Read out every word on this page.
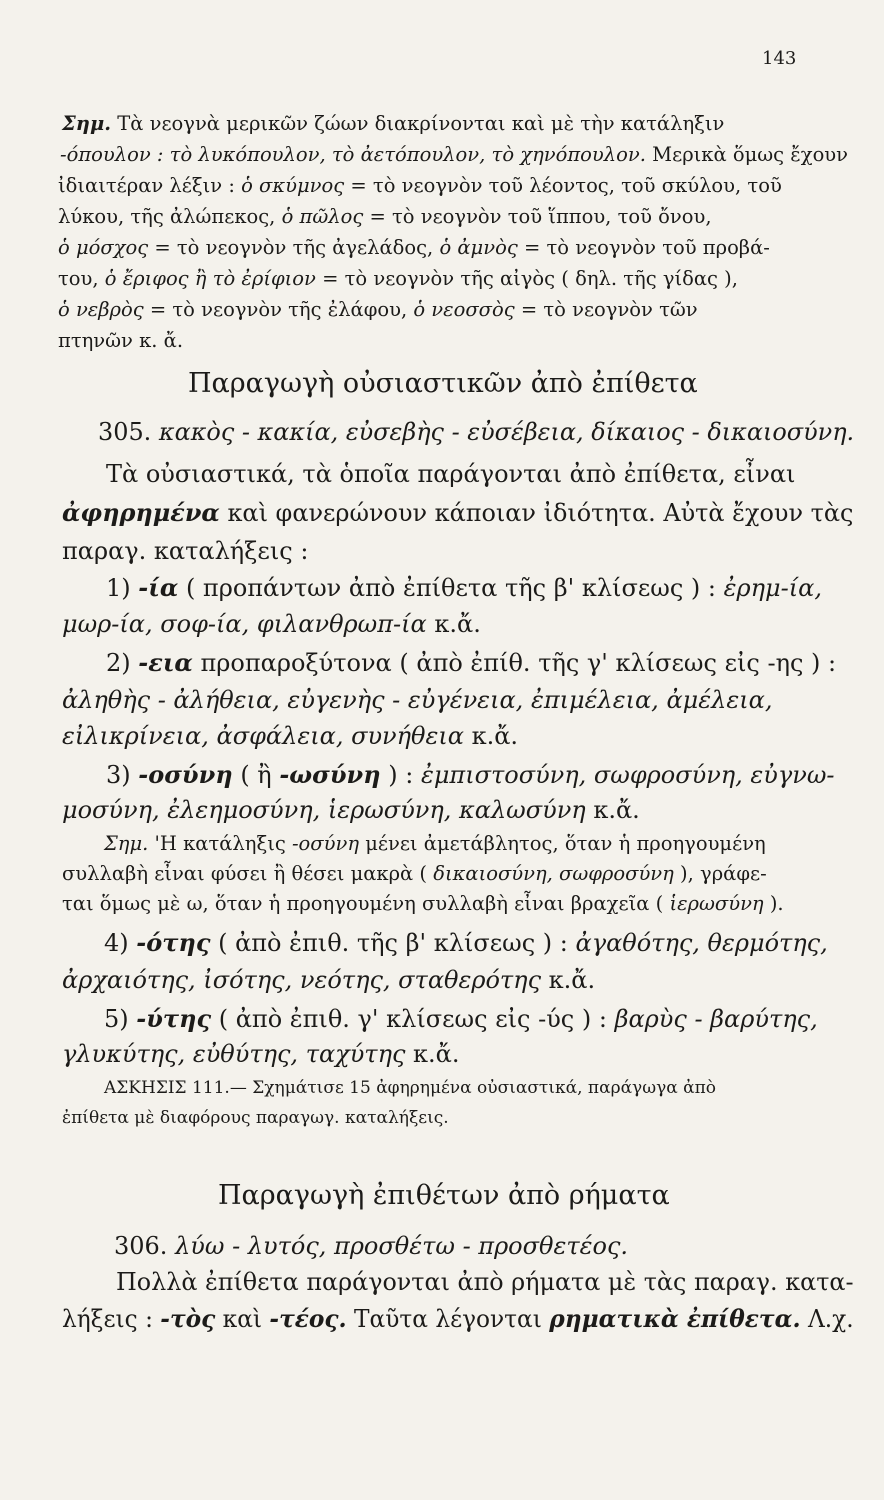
143

Σημ. Τὰ νεογνὰ μερικῶν ζώων διακρίνονται καὶ μὲ τὴν κατάληξιν

-όπουλον : τὸ λυκόπουλον, τὸ ἀετόπουλον, τὸ χηνόπουλον. Μερικὰ ὅμως ἔχουν

ἰδιαιτέραν λέξιν : ὁ σκύμνος = τὸ νεογνὸν τοῦ λέοντος, τοῦ σκύλου, τοῦ

λύκου, τῆς ἀλώπεκος, ὁ πῶλος = τὸ νεογνὸν τοῦ ἵππου, τοῦ ὄνου,

ὁ μόσχος = τὸ νεογνὸν τῆς ἀγελάδος, ὁ ἀμνὸς = τὸ νεογνὸν τοῦ προβά-

του, ὁ ἔριφος ἢ τὸ ἐρίφιον = τὸ νεογνὸν τῆς αἰγὸς ( δηλ. τῆς γίδας ),

ὁ νεβρὸς = τὸ νεογνὸν τῆς ἐλάφου, ὁ νεοσσὸς = τὸ νεογνὸν τῶν

πτηνῶν κ. ἄ.

Παραγωγὴ οὐσιαστικῶν ἀπὸ ἐπίθετα

305. κακὸς - κακία, εὐσεβὴς - εὐσέβεια, δίκαιος - δικαιοσύνη.

Τὰ οὐσιαστικά, τὰ ὁποῖα παράγονται ἀπὸ ἐπίθετα, εἶναι

ἀφηρημένα καὶ φανερώνουν κάποιαν ἰδιότητα. Αὐτὰ ἔχουν τὰς

παραγ. καταλήξεις :

1) -ία ( προπάντων ἀπὸ ἐπίθετα τῆς β' κλίσεως ) : ἐρημ-ία,

μωρ-ία, σοφ-ία, φιλανθρωπ-ία κ.ἄ.

2) -εια προπαροξύτονα ( ἀπὸ ἐπίθ. τῆς γ' κλίσεως εἰς -ης ) :

ἀληθὴς - ἀλήθεια, εὐγενὴς - εὐγένεια, ἐπιμέλεια, ἀμέλεια,

εἰλικρίνεια, ἀσφάλεια, συνήθεια κ.ἄ.

3) -οσύνη ( ἢ -ωσύνη ) : ἐμπιστοσύνη, σωφροσύνη, εὐγνω-

μοσύνη, ἐλεημοσύνη, ἱερωσύνη, καλωσύνη κ.ἄ.

Σημ. 'Η κατάληξις -οσύνη μένει ἀμετάβλητος, ὅταν ἡ προηγουμένη

συλλαβὴ εἶναι φύσει ἢ θέσει μακρὰ ( δικαιοσύνη, σωφροσύνη ), γράφε-

ται ὅμως μὲ ω, ὅταν ἡ προηγουμένη συλλαβὴ εἶναι βραχεῖα ( ἱερωσύνη ).

4) -ότης ( ἀπὸ ἐπιθ. τῆς β' κλίσεως ) : ἀγαθότης, θερμότης,

ἀρχαιότης, ἰσότης, νεότης, σταθερότης κ.ἄ.

5) -ύτης ( ἀπὸ ἐπιθ. γ' κλίσεως εἰς -ύς ) : βαρὺς - βαρύτης,

γλυκύτης, εὐθύτης, ταχύτης κ.ἄ.

ΑΣΚΗΣΙΣ 111.— Σχημάτισε 15 ἀφηρημένα οὐσιαστικά, παράγωγα ἀπὸ

ἐπίθετα μὲ διαφόρους παραγωγ. καταλήξεις.

Παραγωγὴ ἐπιθέτων ἀπὸ ρήματα

306. λύω - λυτός, προσθέτω - προσθετέος.

Πολλὰ ἐπίθετα παράγονται ἀπὸ ρήματα μὲ τὰς παραγ. κατα-

λήξεις : -τὸς καὶ -τέος. Ταῦτα λέγονται ρηματικὰ ἐπίθετα. Λ.χ.
